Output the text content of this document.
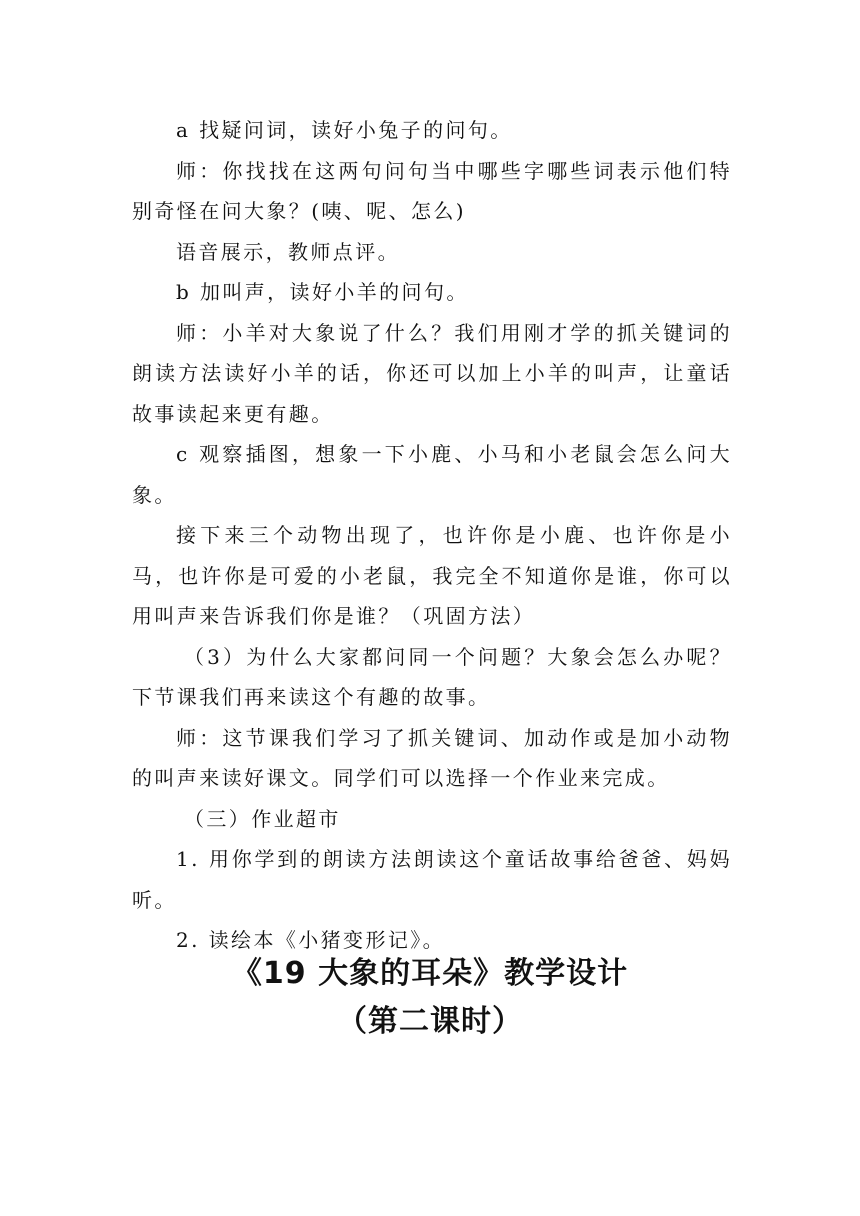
a 找疑问词，读好小兔子的问句。

师：你找找在这两句问句当中哪些字哪些词表示他们特别奇怪在问大象？(咦、呢、怎么)

语音展示，教师点评。

b 加叫声，读好小羊的问句。

师：小羊对大象说了什么？我们用刚才学的抓关键词的朗读方法读好小羊的话，你还可以加上小羊的叫声，让童话故事读起来更有趣。

c 观察插图，想象一下小鹿、小马和小老鼠会怎么问大象。

接下来三个动物出现了，也许你是小鹿、也许你是小马，也许你是可爱的小老鼠，我完全不知道你是谁，你可以用叫声来告诉我们你是谁？（巩固方法）

（3）为什么大家都问同一个问题？大象会怎么办呢？下节课我们再来读这个有趣的故事。

师：这节课我们学习了抓关键词、加动作或是加小动物的叫声来读好课文。同学们可以选择一个作业来完成。

（三）作业超市

1. 用你学到的朗读方法朗读这个童话故事给爸爸、妈妈听。

2. 读绘本《小猪变形记》。

《19 大象的耳朵》教学设计

（第二课时）
